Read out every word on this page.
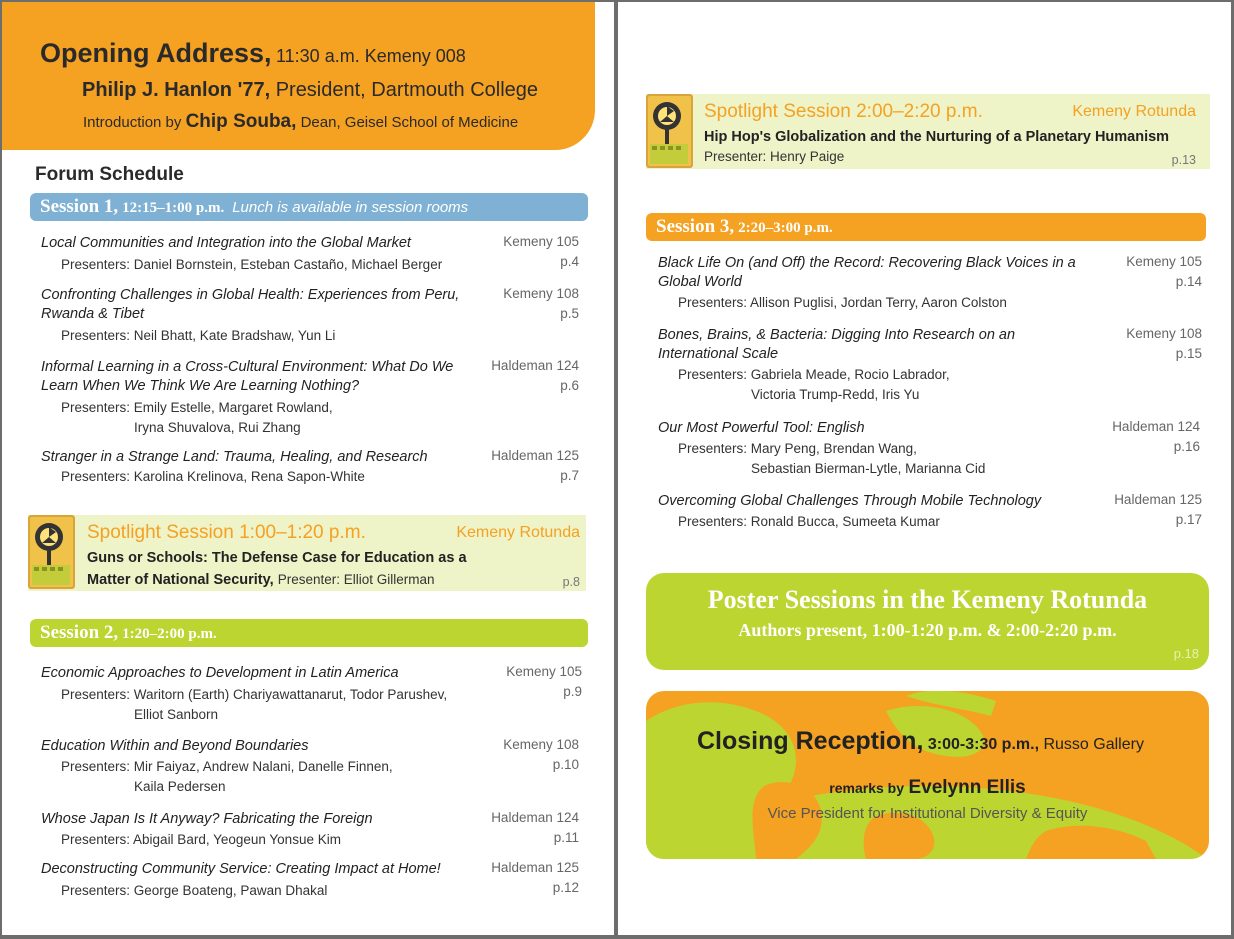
Opening Address, 11:30 a.m. Kemeny 008
Philip J. Hanlon '77, President, Dartmouth College
Introduction by Chip Souba, Dean, Geisel School of Medicine
Forum Schedule
Session 1, 12:15–1:00 p.m. Lunch is available in session rooms
Local Communities and Integration into the Global Market
Presenters: Daniel Bornstein, Esteban Castaño, Michael Berger
Kemeny 105
p.4
Confronting Challenges in Global Health: Experiences from Peru, Rwanda & Tibet
Presenters: Neil Bhatt, Kate Bradshaw, Yun Li
Kemeny 108
p.5
Informal Learning in a Cross-Cultural Environment: What Do We Learn When We Think We Are Learning Nothing?
Presenters: Emily Estelle, Margaret Rowland,
Iryna Shuvalova, Rui Zhang
Haldeman 124
p.6
Stranger in a Strange Land: Trauma, Healing, and Research
Presenters: Karolina Krelinova, Rena Sapon-White
Haldeman 125
p.7
Spotlight Session 1:00–1:20 p.m.	Kemeny Rotunda
Guns or Schools: The Defense Case for Education as a
Matter of National Security, Presenter: Elliot Gillerman	p.8
Session 2, 1:20–2:00 p.m.
Economic Approaches to Development in Latin America
Presenters: Waritorn (Earth) Chariyawattanarut, Todor Parushev,
Elliot Sanborn
Kemeny 105
p.9
Education Within and Beyond Boundaries
Presenters: Mir Faiyaz, Andrew Nalani, Danelle Finnen,
Kaila Pedersen
Kemeny 108
p.10
Whose Japan Is It Anyway? Fabricating the Foreign
Presenters: Abigail Bard, Yeogeun Yonsue Kim
Haldeman 124
p.11
Deconstructing Community Service: Creating Impact at Home!
Presenters: George Boateng, Pawan Dhakal
Haldeman 125
p.12
Spotlight Session 2:00–2:20 p.m.	Kemeny Rotunda
Hip Hop's Globalization and the Nurturing of a Planetary Humanism
Presenter: Henry Paige	p.13
Session 3, 2:20–3:00 p.m.
Black Life On (and Off) the Record: Recovering Black Voices in a Global World
Presenters: Allison Puglisi, Jordan Terry, Aaron Colston
Kemeny 105
p.14
Bones, Brains, & Bacteria: Digging Into Research on an International Scale
Presenters: Gabriela Meade, Rocio Labrador,
Victoria Trump-Redd, Iris Yu
Kemeny 108
p.15
Our Most Powerful Tool: English
Presenters: Mary Peng, Brendan Wang,
Sebastian Bierman-Lytle, Marianna Cid
Haldeman 124
p.16
Overcoming Global Challenges Through Mobile Technology
Presenters: Ronald Bucca, Sumeeta Kumar
Haldeman 125
p.17
Poster Sessions in the Kemeny Rotunda
Authors present, 1:00-1:20 p.m. & 2:00-2:20 p.m.
p.18
Closing Reception, 3:00-3:30 p.m., Russo Gallery
remarks by Evelynn Ellis
Vice President for Institutional Diversity & Equity
